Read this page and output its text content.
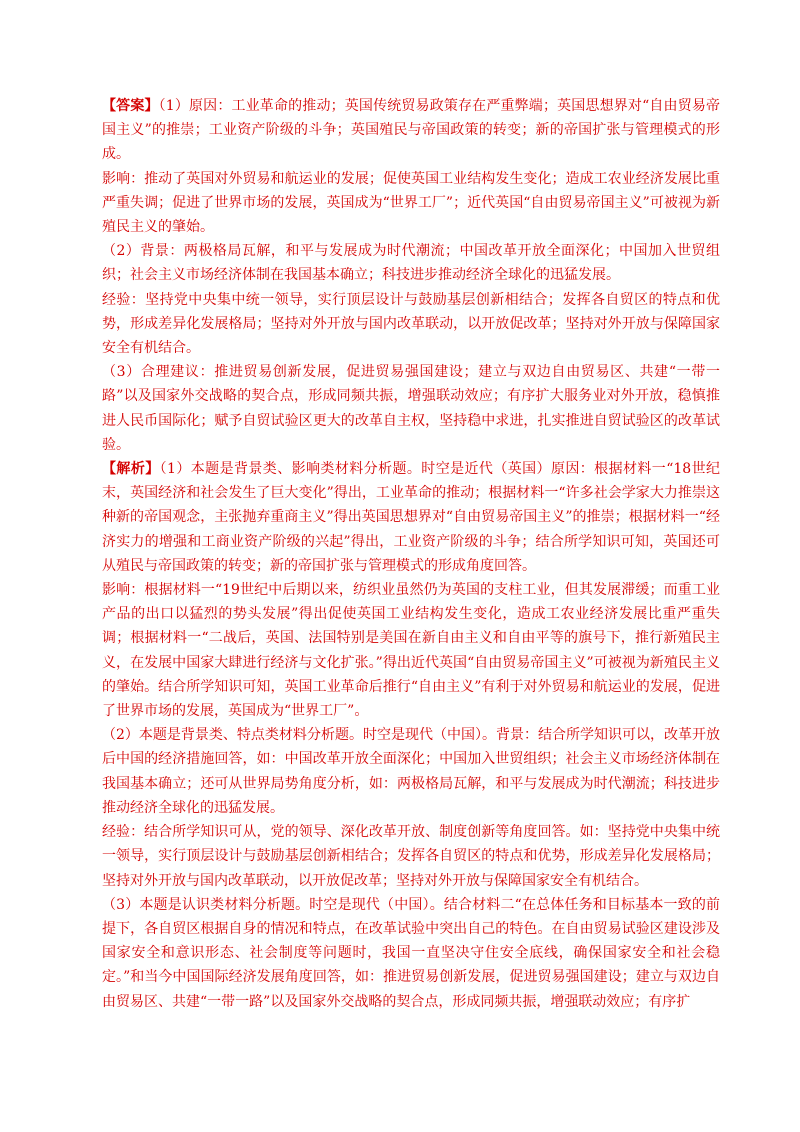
【答案】（1）原因：工业革命的推动；英国传统贸易政策存在严重弊端；英国思想界对“自由贸易帝国主义”的推崇；工业资产阶级的斗争；英国殖民与帝国政策的转变；新的帝国扩张与管理模式的形成。

影响：推动了英国对外贸易和航运业的发展；促使英国工业结构发生变化；造成工农业经济发展比重严重失调；促进了世界市场的发展，英国成为“世界工厂”；近代英国“自由贸易帝国主义”可被视为新殖民主义的肇始。

（2）背景：两极格局瓦解，和平与发展成为时代潮流；中国改革开放全面深化；中国加入世贸组织；社会主义市场经济体制在我国基本确立；科技进步推动经济全球化的迅猛发展。

经验：坚持党中央集中统一领导，实行顶层设计与鼓励基层创新相结合；发挥各自贸区的特点和优势，形成差异化发展格局；坚持对外开放与国内改革联动，以开放促改革；坚持对外开放与保障国家安全有机结合。

（3）合理建议：推进贸易创新发展，促进贸易强国建设；建立与双边自由贸易区、共建“一带一路”以及国家外交战略的契合点，形成同频共振，增强联动效应；有序扩大服务业对外开放，稳慎推进人民币国际化；赋予自贸试验区更大的改革自主权，坚持稳中求进，扎实推进自贸试验区的改革试验。

【解析】（1）本题是背景类、影响类材料分析题。时空是近代（英国）原因：根据材料一“18世纪末，英国经济和社会发生了巨大变化”得出，工业革命的推动；根据材料一“许多社会学家大力推崇这种新的帝国观念，主张抛弃重商主义”得出英国思想界对“自由贸易帝国主义”的推崇；根据材料一“经济实力的增强和工商业资产阶级的兴起”得出，工业资产阶级的斗争；结合所学知识可知，英国还可从殖民与帝国政策的转变；新的帝国扩张与管理模式的形成角度回答。

影响：根据材料一“19世纪中后期以来，纺织业虽然仍为英国的支柱工业，但其发展滞缓；而重工业产品的出口以猛烈的势头发展”得出促使英国工业结构发生变化，造成工农业经济发展比重严重失调；根据材料一“二战后，英国、法国特别是美国在新自由主义和自由平等的旗号下，推行新殖民主义，在发展中国家大肆进行经济与文化扩张。”得出近代英国“自由贸易帝国主义”可被视为新殖民主义的肇始。结合所学知识可知，英国工业革命后推行“自由主义”有利于对外贸易和航运业的发展，促进了世界市场的发展，英国成为“世界工厂”。

（2）本题是背景类、特点类材料分析题。时空是现代（中国）。背景：结合所学知识可以，改革开放后中国的经济措施回答，如：中国改革开放全面深化；中国加入世贸组织；社会主义市场经济体制在我国基本确立；还可从世界局势角度分析，如：两极格局瓦解，和平与发展成为时代潮流；科技进步推动经济全球化的迅猛发展。

经验：结合所学知识可从，党的领导、深化改革开放、制度创新等角度回答。如：坚持党中央集中统一领导，实行顶层设计与鼓励基层创新相结合；发挥各自贸区的特点和优势，形成差异化发展格局；坚持对外开放与国内改革联动，以开放促改革；坚持对外开放与保障国家安全有机结合。

（3）本题是认识类材料分析题。时空是现代（中国）。结合材料二“在总体任务和目标基本一致的前提下，各自贸区根据自身的情况和特点，在改革试验中突出自己的特色。在自由贸易试验区建设涉及国家安全和意识形态、社会制度等问题时，我国一直坚决守住安全底线，确保国家安全和社会稳定。”和当今中国国际经济发展角度回答，如：推进贸易创新发展，促进贸易强国建设；建立与双边自由贸易区、共建“一带一路”以及国家外交战略的契合点，形成同频共振，增强联动效应；有序扩
